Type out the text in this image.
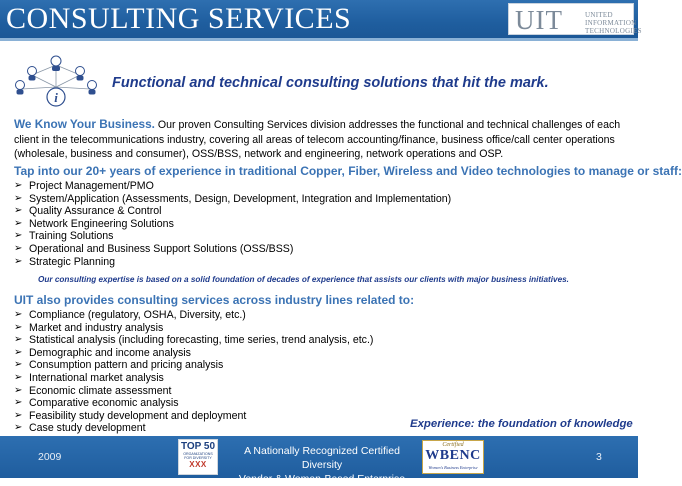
CONSULTING SERVICES	UIT	UNITED INFORMATION
TECHNOLOGIES
i
Functional and technical consulting solutions that hit the mark.
We Know Your Business. Our proven Consulting Services division addresses the functional and technical challenges of each client in the telecommunications industry, covering all areas of telecom accounting/finance, business office/call center operations (wholesale, business and consumer), OSS/BSS, network and engineering, network operations and OSP.
Tap into our 20+ years of experience in traditional Copper, Fiber, Wireless and Video technologies to manage or staff:
➢ Project Management/PMO
➢ System/Application (Assessments, Design, Development, Integration and Implementation)
➢ Quality Assurance & Control
➢ Network Engineering Solutions
➢ Training Solutions
➢ Operational and Business Support Solutions (OSS/BSS)
➢ Strategic Planning
Our consulting expertise is based on a solid foundation of decades of experience that assists our clients with major business initiatives.
UIT also provides consulting services across industry lines related to:
➢ Compliance (regulatory, OSHA, Diversity, etc.)
➢ Market and industry analysis
➢ Statistical analysis (including forecasting, time series, trend analysis, etc.)
➢ Demographic and income analysis
➢ Consumption pattern and pricing analysis
➢ International market analysis
➢ Economic climate assessment
➢ Comparative economic analysis
➢ Feasibility study development and deployment
➢ Case study development	Experience: the foundation of knowledge
2009	A Nationally Recognized Certified Diversity
Vendor & Woman-Based Enterprise
3
TOP 50
ORGANIZATIONS FOR DIVERSITY
XXX
Certified
WBENC
Women's Business Enterprise
